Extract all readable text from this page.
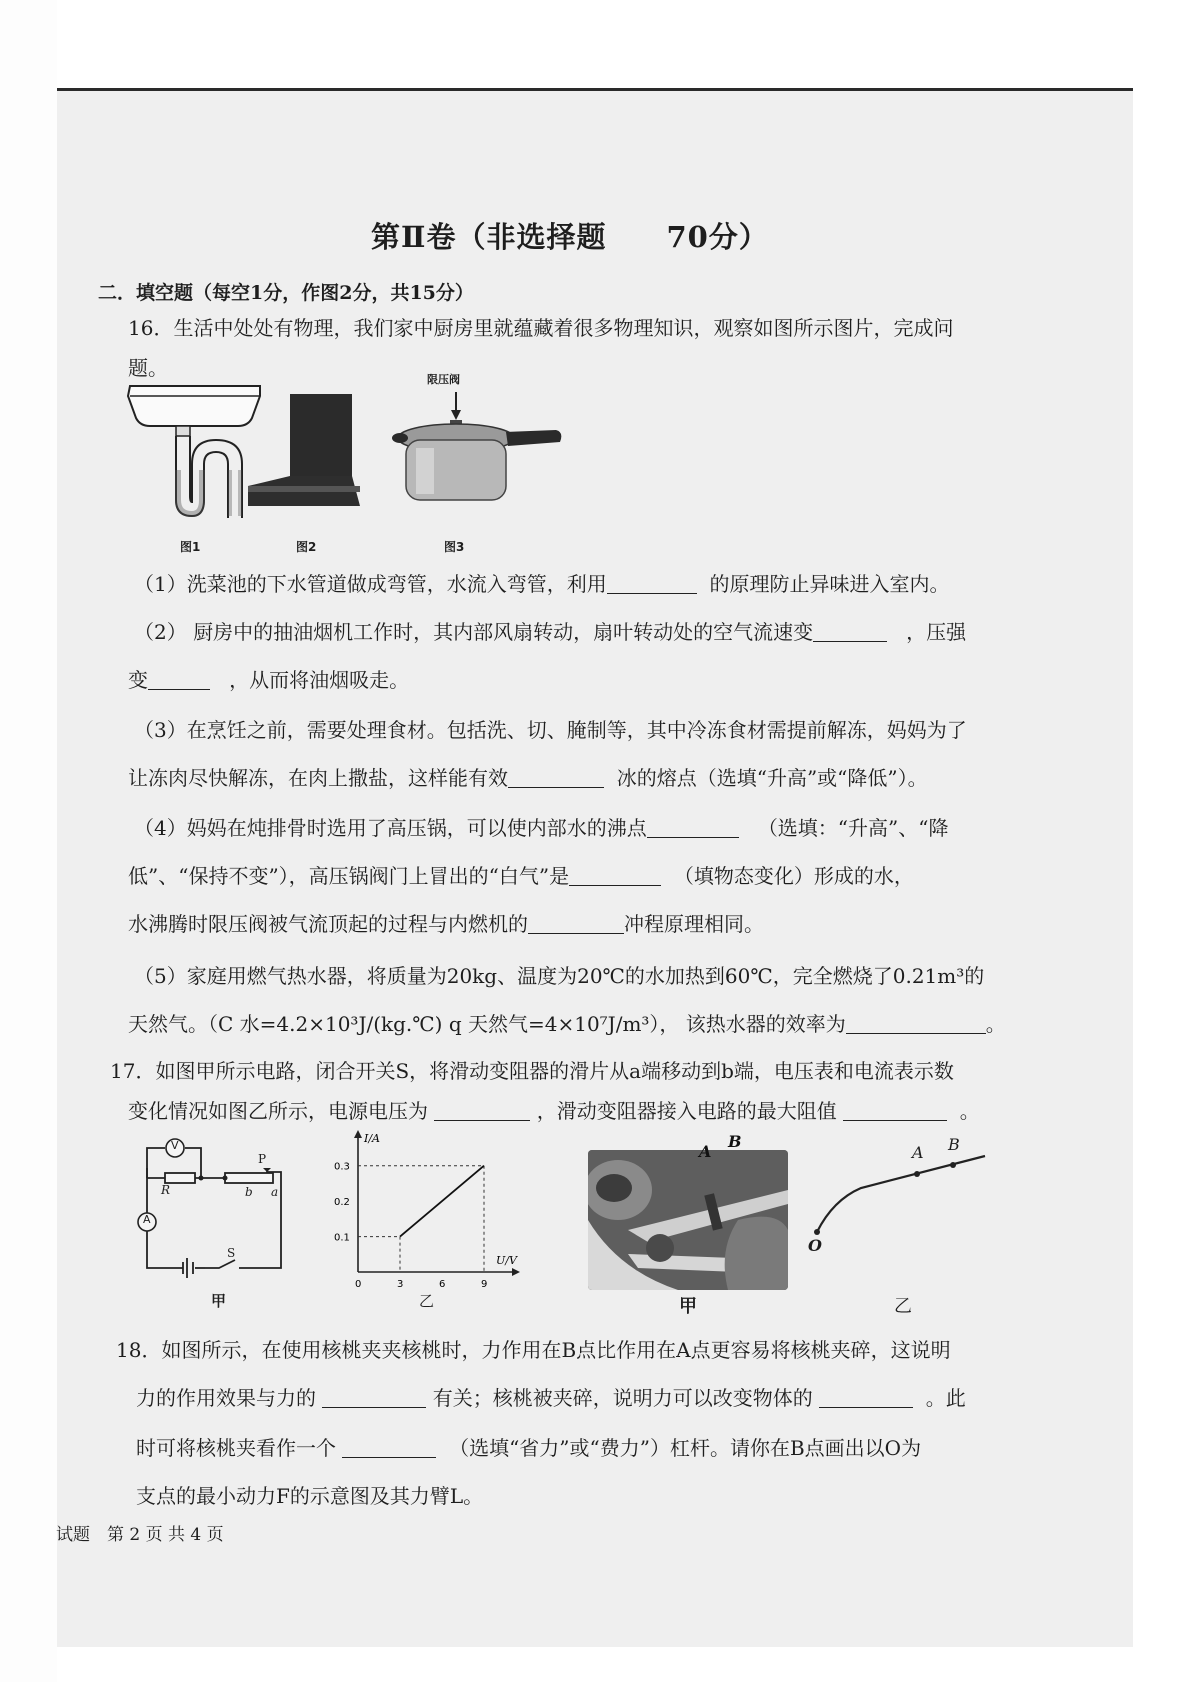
第Ⅱ卷（非选择题　　70分）
二．填空题（每空1分，作图2分，共15分）
16．生活中处处有物理，我们家中厨房里就蕴藏着很多物理知识，观察如图所示图片，完成问
题。	限压阀
图1	图2	图3
（1）洗菜池的下水管道做成弯管，水流入弯管，利用	的原理防止异味进入室内。
（2） 厨房中的抽油烟机工作时，其内部风扇转动，扇叶转动处的空气流速变	，压强
变	，从而将油烟吸走。
（3）在烹饪之前，需要处理食材。包括洗、切、腌制等，其中冷冻食材需提前解冻，妈妈为了
让冻肉尽快解冻，在肉上撒盐，这样能有效	冰的熔点（选填“升高”或“降低”）。
（4）妈妈在炖排骨时选用了高压锅，可以使内部水的沸点	（选填：“升高”、“降
低”、“保持不变”），高压锅阀门上冒出的“白气”是	（填物态变化）形成的水，
水沸腾时限压阀被气流顶起的过程与内燃机的	冲程原理相同。
（5）家庭用燃气热水器，将质量为20kg、温度为20℃的水加热到60℃，完全燃烧了0.21m³的
天然气。（C 水=4.2×10³J/(kg.℃) q 天然气=4×10⁷J/m³）， 该热水器的效率为	。
17．如图甲所示电路，闭合开关S，将滑动变阻器的滑片从a端移动到b端，电压表和电流表示数
变化情况如图乙所示，电源电压为	，滑动变阻器接入电路的最大阻值	。
V
A
R
P
b a
S
甲
I/A
U/V
0	3	6	9
0.1
0.2
0.3
乙
A
B
甲
A B
O
乙
18．如图所示，在使用核桃夹夹核桃时，力作用在B点比作用在A点更容易将核桃夹碎，这说明
力的作用效果与力的	有关；核桃被夹碎，说明力可以改变物体的	。此
时可将核桃夹看作一个	（选填“省力”或“费力”）杠杆。请你在B点画出以O为
支点的最小动力F的示意图及其力臂L。
试题　第 2 页 共 4 页
